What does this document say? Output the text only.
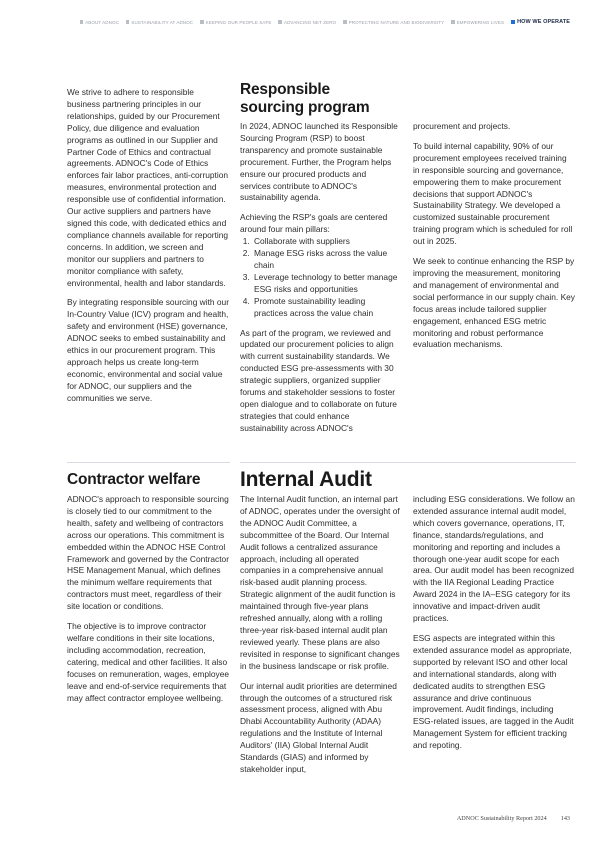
ABOUT ADNOC	SUSTAINABILITY AT ADNOC	KEEPING OUR PEOPLE SAFE	ADVANCING NET ZERO	PROTECTING NATURE AND BIODIVERSITY	EMPOWERING LIVES HOW WE OPERATE

We strive to adhere to responsible business partnering principles in our relationships, guided by our Procurement Policy, due diligence and evaluation programs as outlined in our Supplier and Partner Code of Ethics and contractual agreements. ADNOC's Code of Ethics enforces fair labor practices, anti-corruption measures, environmental protection and responsible use of confidential information. Our active suppliers and partners have signed this code, with dedicated ethics and compliance channels available for reporting concerns. In addition, we screen and monitor our suppliers and partners to monitor compliance with safety, environmental, health and labor standards.

By integrating responsible sourcing with our In-Country Value (ICV) program and health, safety and environment (HSE) governance, ADNOC seeks to embed sustainability and ethics in our procurement program. This approach helps us create long-term economic, environmental and social value for ADNOC, our suppliers and the communities we serve.

Responsible sourcing program

In 2024, ADNOC launched its Responsible Sourcing Program (RSP) to boost transparency and promote sustainable procurement. Further, the Program helps ensure our procured products and services contribute to ADNOC's sustainability agenda.

Achieving the RSP's goals are centered around four main pillars:

1. Collaborate with suppliers
2. Manage ESG risks across the value chain
3. Leverage technology to better manage ESG risks and opportunities
4. Promote sustainability leading practices across the value chain

As part of the program, we reviewed and updated our procurement policies to align with current sustainability standards. We conducted ESG pre-assessments with 30 strategic suppliers, organized supplier forums and stakeholder sessions to foster open dialogue and to collaborate on future strategies that could enhance sustainability across ADNOC's

procurement and projects.

To build internal capability, 90% of our procurement employees received training in responsible sourcing and governance, empowering them to make procurement decisions that support ADNOC's Sustainability Strategy. We developed a customized sustainable procurement training program which is scheduled for roll out in 2025.

We seek to continue enhancing the RSP by improving the measurement, monitoring and management of environmental and social performance in our supply chain. Key focus areas include tailored supplier engagement, enhanced ESG metric monitoring and robust performance evaluation mechanisms.

Contractor welfare

ADNOC's approach to responsible sourcing is closely tied to our commitment to the health, safety and wellbeing of contractors across our operations. This commitment is embedded within the ADNOC HSE Control Framework and governed by the Contractor HSE Management Manual, which defines the minimum welfare requirements that contractors must meet, regardless of their site location or conditions.

The objective is to improve contractor welfare conditions in their site locations, including accommodation, recreation, catering, medical and other facilities. It also focuses on remuneration, wages, employee leave and end-of-service requirements that may affect contractor employee wellbeing.

Internal Audit

The Internal Audit function, an internal part of ADNOC, operates under the oversight of the ADNOC Audit Committee, a subcommittee of the Board. Our Internal Audit follows a centralized assurance approach, including all operated companies in a comprehensive annual risk-based audit planning process. Strategic alignment of the audit function is maintained through five-year plans refreshed annually, along with a rolling three-year risk-based internal audit plan reviewed yearly. These plans are also revisited in response to significant changes in the business landscape or risk profile.

Our internal audit priorities are determined through the outcomes of a structured risk assessment process, aligned with Abu Dhabi Accountability Authority (ADAA) regulations and the Institute of Internal Auditors' (IIA) Global Internal Audit Standards (GIAS) and informed by stakeholder input,

including ESG considerations. We follow an extended assurance internal audit model, which covers governance, operations, IT, finance, standards/regulations, and monitoring and reporting and includes a thorough one-year audit scope for each area. Our audit model has been recognized with the IIA Regional Leading Practice Award 2024 in the IA–ESG category for its innovative and impact-driven audit practices.

ESG aspects are integrated within this extended assurance model as appropriate, supported by relevant ISO and other local and international standards, along with dedicated audits to strengthen ESG assurance and drive continuous improvement. Audit findings, including ESG-related issues, are tagged in the Audit Management System for efficient tracking and repoting.

ADNOC Sustainability Report 2024 143
